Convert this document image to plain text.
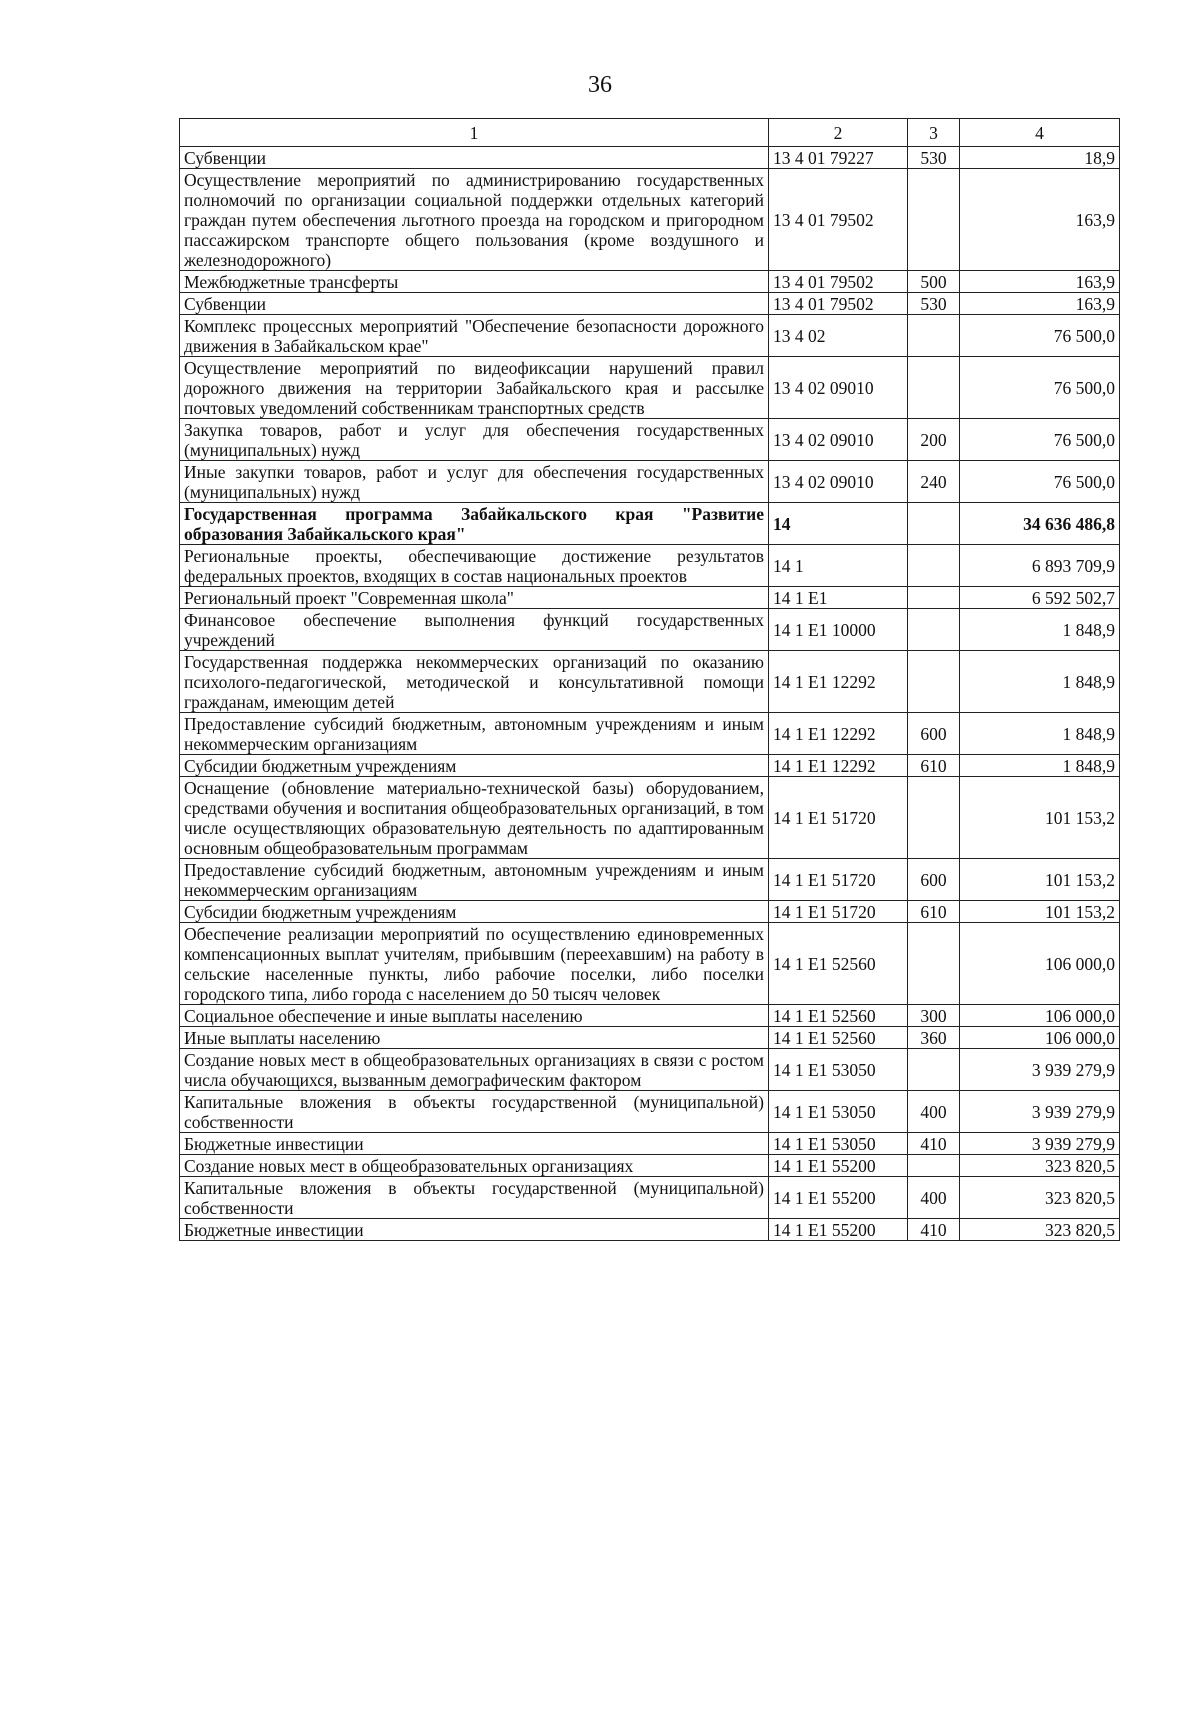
36
1	2	3	4
Субвенции	13 4 01 79227	530	18,9
Осуществление мероприятий по администрированию государственных полномочий по организации социальной поддержки отдельных категорий граждан путем обеспечения льготного проезда на городском и пригородном пассажирском транспорте общего пользования (кроме воздушного и железнодорожного)	13 4 01 79502		163,9
Межбюджетные трансферты	13 4 01 79502	500	163,9
Субвенции	13 4 01 79502	530	163,9
Комплекс процессных мероприятий "Обеспечение безопасности дорожного движения в Забайкальском крае"	13 4 02		76 500,0
Осуществление мероприятий по видеофиксации нарушений правил дорожного движения на территории Забайкальского края и рассылке почтовых уведомлений собственникам транспортных средств	13 4 02 09010		76 500,0
Закупка товаров, работ и услуг для обеспечения государственных (муниципальных) нужд	13 4 02 09010	200	76 500,0
Иные закупки товаров, работ и услуг для обеспечения государственных (муниципальных) нужд	13 4 02 09010	240	76 500,0
Государственная программа Забайкальского края "Развитие образования Забайкальского края"	14		34 636 486,8
Региональные проекты, обеспечивающие достижение результатов федеральных проектов, входящих в состав национальных проектов	14 1		6 893 709,9
Региональный проект "Современная школа"	14 1 E1		6 592 502,7
Финансовое обеспечение выполнения функций государственных учреждений	14 1 E1 10000		1 848,9
Государственная поддержка некоммерческих организаций по оказанию психолого-педагогической, методической и консультативной помощи гражданам, имеющим детей	14 1 E1 12292		1 848,9
Предоставление субсидий бюджетным, автономным учреждениям и иным некоммерческим организациям	14 1 E1 12292	600	1 848,9
Субсидии бюджетным учреждениям	14 1 E1 12292	610	1 848,9
Оснащение (обновление материально-технической базы) оборудованием, средствами обучения и воспитания общеобразовательных организаций, в том числе осуществляющих образовательную деятельность по адаптированным основным общеобразовательным программам	14 1 E1 51720		101 153,2
Предоставление субсидий бюджетным, автономным учреждениям и иным некоммерческим организациям	14 1 E1 51720	600	101 153,2
Субсидии бюджетным учреждениям	14 1 E1 51720	610	101 153,2
Обеспечение реализации мероприятий по осуществлению единовременных компенсационных выплат учителям, прибывшим (переехавшим) на работу в сельские населенные пункты, либо рабочие поселки, либо поселки городского типа, либо города с населением до 50 тысяч человек	14 1 E1 52560		106 000,0
Социальное обеспечение и иные выплаты населению	14 1 E1 52560	300	106 000,0
Иные выплаты населению	14 1 E1 52560	360	106 000,0
Создание новых мест в общеобразовательных организациях в связи с ростом числа обучающихся, вызванным демографическим фактором	14 1 E1 53050		3 939 279,9
Капитальные вложения в объекты государственной (муниципальной) собственности	14 1 E1 53050	400	3 939 279,9
Бюджетные инвестиции	14 1 E1 53050	410	3 939 279,9
Создание новых мест в общеобразовательных организациях	14 1 E1 55200		323 820,5
Капитальные вложения в объекты государственной (муниципальной) собственности	14 1 E1 55200	400	323 820,5
Бюджетные инвестиции	14 1 E1 55200	410	323 820,5
